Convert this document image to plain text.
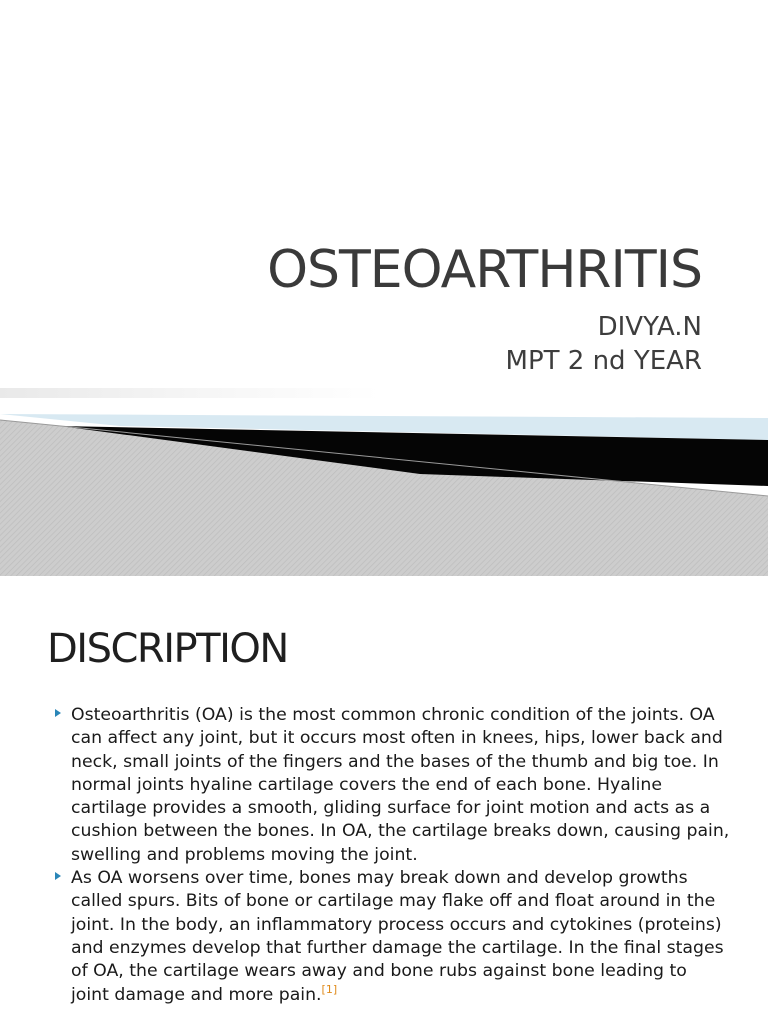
OSTEOARTHRITIS
DIVYA.N
MPT 2 nd YEAR
DISCRIPTION
Osteoarthritis (OA) is the most common chronic condition of the joints. OA can affect any joint, but it occurs most often in knees, hips, lower back and neck, small joints of the fingers and the bases of the thumb and big toe. In normal joints hyaline cartilage covers the end of each bone. Hyaline cartilage provides a smooth, gliding surface for joint motion and acts as a cushion between the bones. In OA, the cartilage breaks down, causing pain, swelling and problems moving the joint.
As OA worsens over time, bones may break down and develop growths called spurs. Bits of bone or cartilage may flake off and float around in the joint. In the body, an inflammatory process occurs and cytokines (proteins) and enzymes develop that further damage the cartilage. In the final stages of OA, the cartilage wears away and bone rubs against bone leading to joint damage and more pain.[1]
